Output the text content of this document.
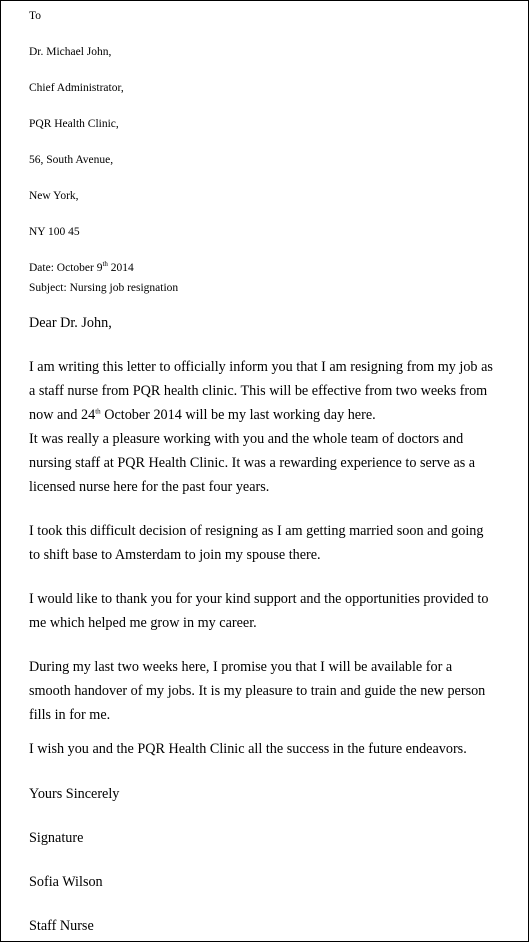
To

Dr. Michael John,

Chief Administrator,

PQR Health Clinic,

56, South Avenue,

New York,

NY 100 45

Date: October 9th 2014

Subject: Nursing job resignation

Dear Dr. John,

I am writing this letter to officially inform you that I am resigning from my job as

a staff nurse from PQR health clinic. This will be effective from two weeks from

now and 24th October 2014 will be my last working day here.

It was really a pleasure working with you and the whole team of doctors and

nursing staff at PQR Health Clinic. It was a rewarding experience to serve as a

licensed nurse here for the past four years.

I took this difficult decision of resigning as I am getting married soon and going

to shift base to Amsterdam to join my spouse there.

I would like to thank you for your kind support and the opportunities provided to

me which helped me grow in my career.

During my last two weeks here, I promise you that I will be available for a

smooth handover of my jobs. It is my pleasure to train and guide the new person

fills in for me.

I wish you and the PQR Health Clinic all the success in the future endeavors.

Yours Sincerely

Signature

Sofia Wilson

Staff Nurse
